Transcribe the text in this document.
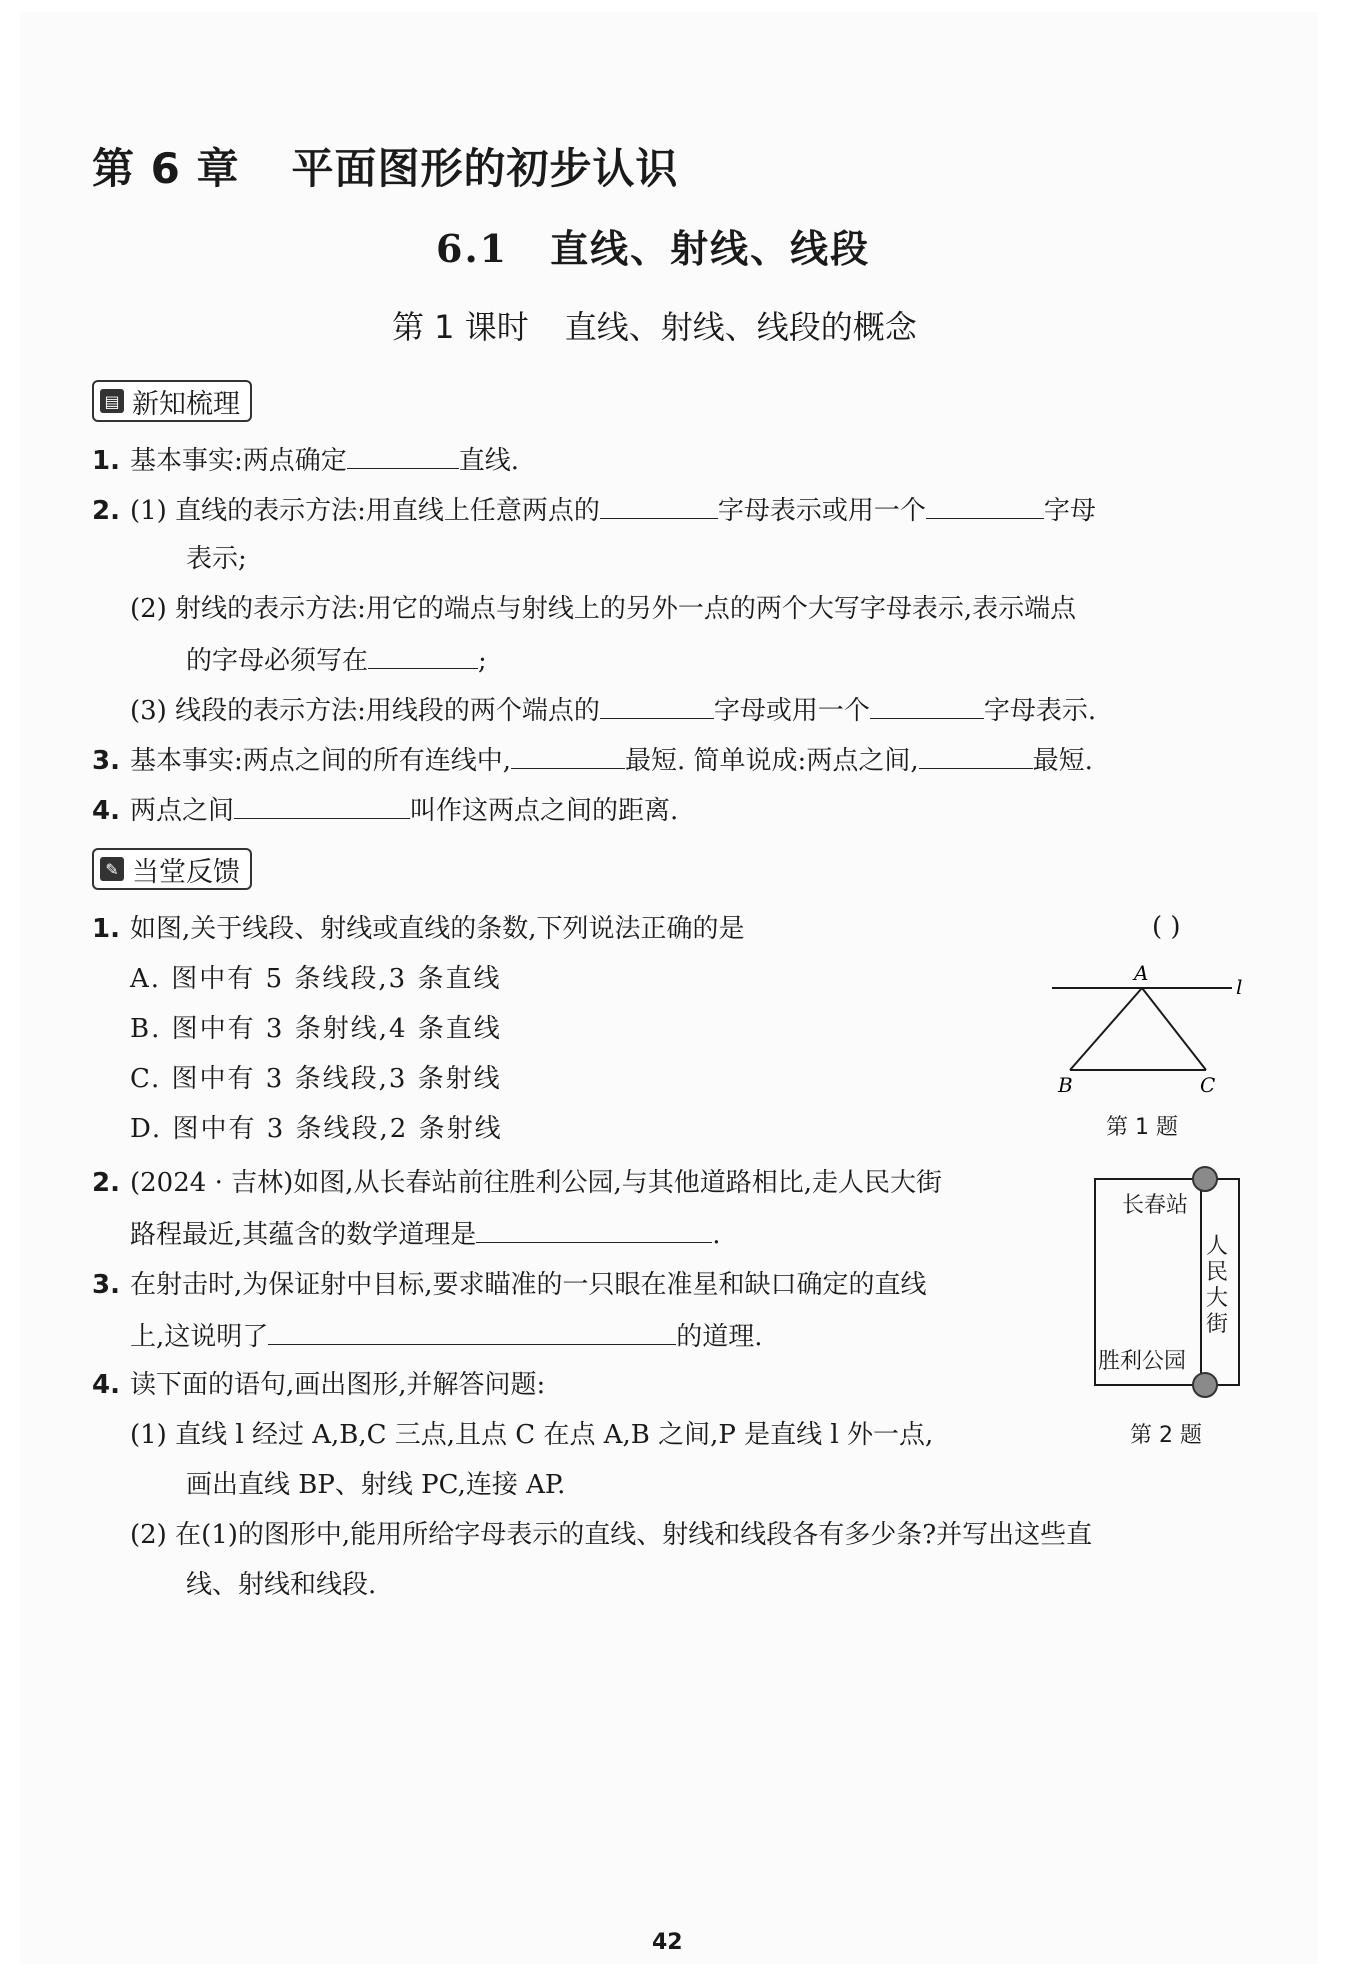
第 6 章 平面图形的初步认识
6.1 直线、射线、线段
第 1 课时 直线、射线、线段的概念
▤ 新知梳理
1. 基本事实:两点确定	直线.
2. (1) 直线的表示方法:用直线上任意两点的	字母表示或用一个	字母
表示;
(2) 射线的表示方法:用它的端点与射线上的另外一点的两个大写字母表示,表示端点
的字母必须写在	;
(3) 线段的表示方法:用线段的两个端点的	字母或用一个	字母表示.
3. 基本事实:两点之间的所有连线中,	最短. 简单说成:两点之间,	最短.
4. 两点之间	叫作这两点之间的距离.
✎ 当堂反馈
1. 如图,关于线段、射线或直线的条数,下列说法正确的是	( )
A. 图中有 5 条线段,3 条直线
B. 图中有 3 条射线,4 条直线
C. 图中有 3 条线段,3 条射线
D. 图中有 3 条线段,2 条射线
A
l
B	C
第 1 题
2. (2024 · 吉林)如图,从长春站前往胜利公园,与其他道路相比,走人民大街
路程最近,其蕴含的数学道理是	.
长春站
人
民
大
街
胜利公园
第 2 题
3. 在射击时,为保证射中目标,要求瞄准的一只眼在准星和缺口确定的直线
上,这说明了	的道理.
4. 读下面的语句,画出图形,并解答问题:
(1) 直线 l 经过 A,B,C 三点,且点 C 在点 A,B 之间,P 是直线 l 外一点,
画出直线 BP、射线 PC,连接 AP.
(2) 在(1)的图形中,能用所给字母表示的直线、射线和线段各有多少条?并写出这些直
线、射线和线段.
42
